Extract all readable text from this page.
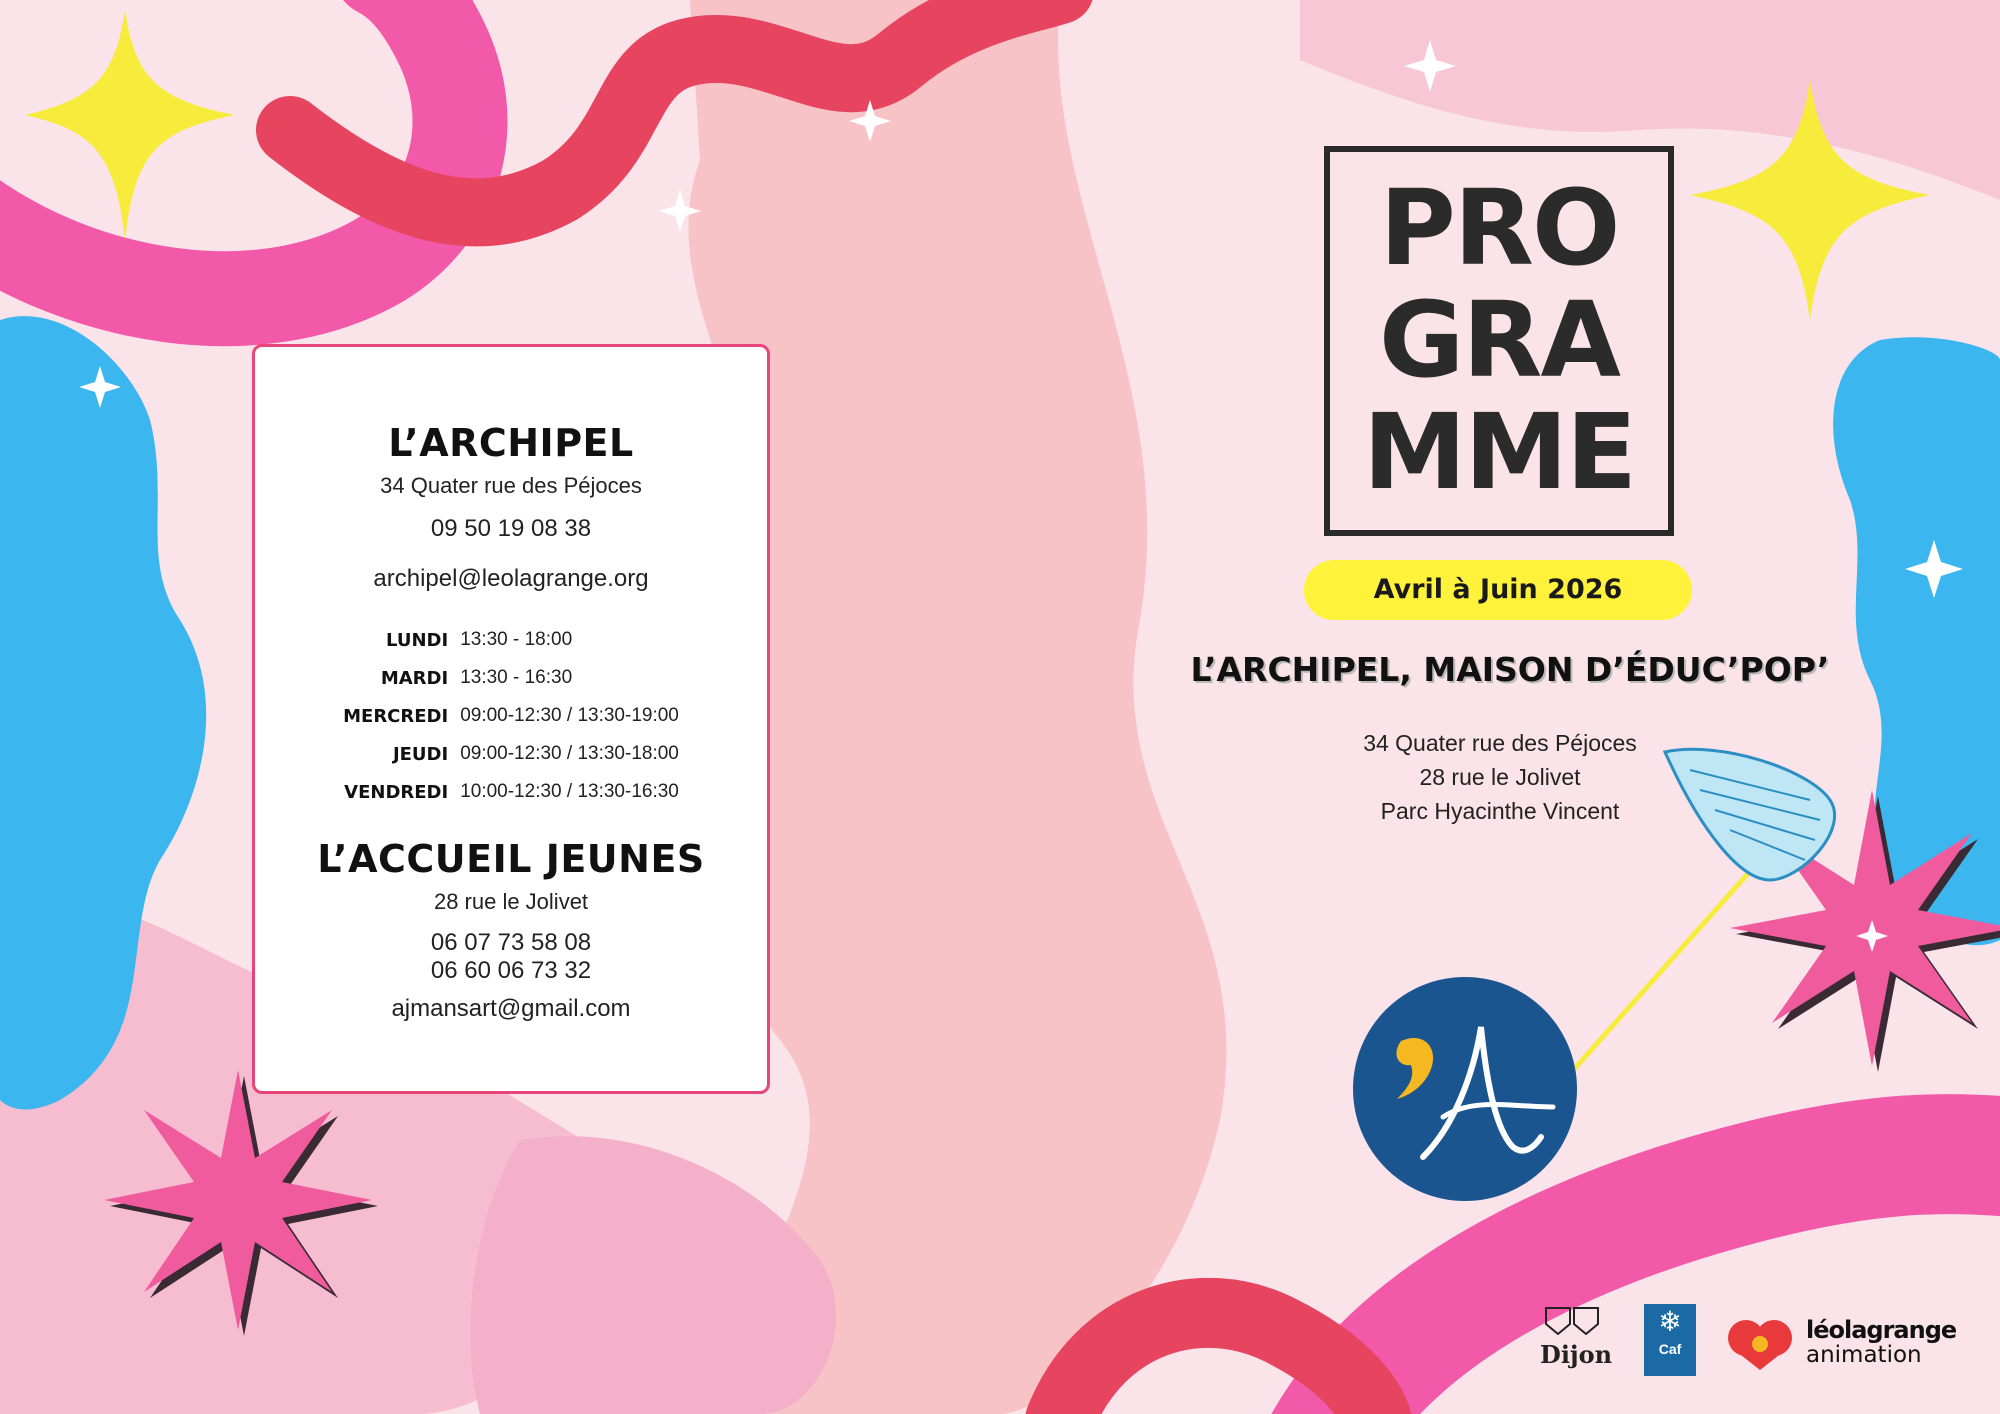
L’ARCHIPEL
34 Quater rue des Péjoces
09 50 19 08 38
archipel@leolagrange.org
LUNDI	13:30 - 18:00
MARDI	13:30 - 16:30
MERCREDI	09:00-12:30 / 13:30-19:00
JEUDI	09:00-12:30 / 13:30-18:00
VENDREDI	10:00-12:30 / 13:30-16:30
L’ACCUEIL JEUNES
28 rue le Jolivet
06 07 73 58 08
06 60 06 73 32
ajmansart@gmail.com
PRO
GRA
MME
Avril à Juin 2026
L’ARCHIPEL, MAISON D’ÉDUC’POP’
34 Quater rue des Péjoces
28 rue le Jolivet
Parc Hyacinthe Vincent
Dijon
❄
Caf
léolagrange
animation
